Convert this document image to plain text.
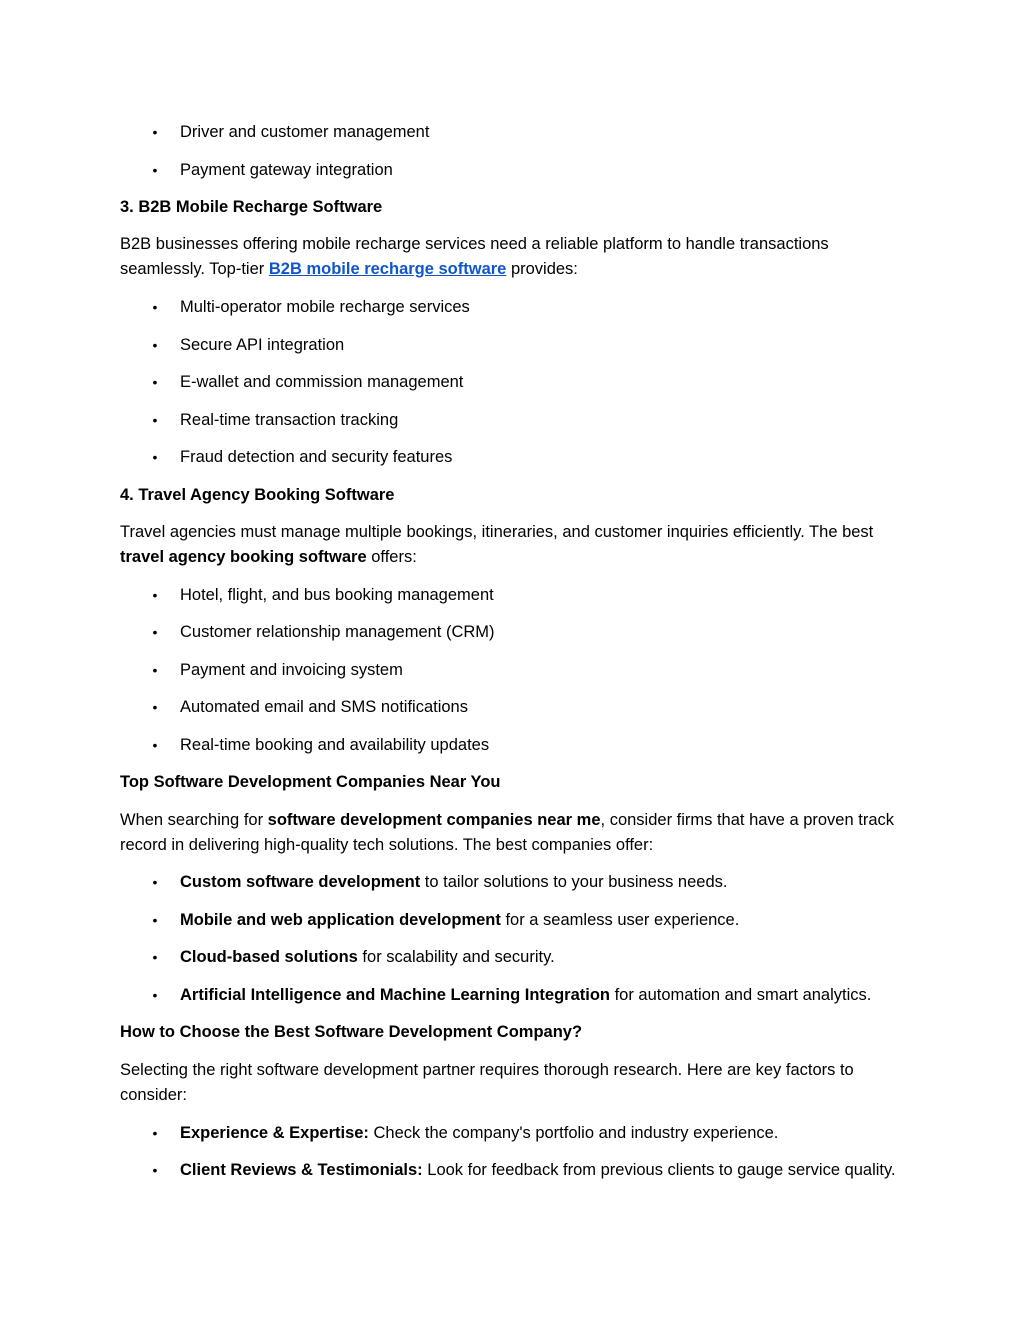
• Driver and customer management
• Payment gateway integration
3. B2B Mobile Recharge Software

B2B businesses offering mobile recharge services need a reliable platform to handle transactions seamlessly. Top-tier B2B mobile recharge software provides:

• Multi-operator mobile recharge services
• Secure API integration
• E-wallet and commission management
• Real-time transaction tracking
• Fraud detection and security features
4. Travel Agency Booking Software

Travel agencies must manage multiple bookings, itineraries, and customer inquiries efficiently. The best travel agency booking software offers:

• Hotel, flight, and bus booking management
• Customer relationship management (CRM)
• Payment and invoicing system
• Automated email and SMS notifications
• Real-time booking and availability updates
Top Software Development Companies Near You

When searching for software development companies near me, consider firms that have a proven track record in delivering high-quality tech solutions. The best companies offer:

• Custom software development to tailor solutions to your business needs.
• Mobile and web application development for a seamless user experience.
• Cloud-based solutions for scalability and security.
• Artificial Intelligence and Machine Learning Integration for automation and smart analytics.
How to Choose the Best Software Development Company?

Selecting the right software development partner requires thorough research. Here are key factors to consider:

• Experience & Expertise: Check the company's portfolio and industry experience.
• Client Reviews & Testimonials: Look for feedback from previous clients to gauge service quality.
